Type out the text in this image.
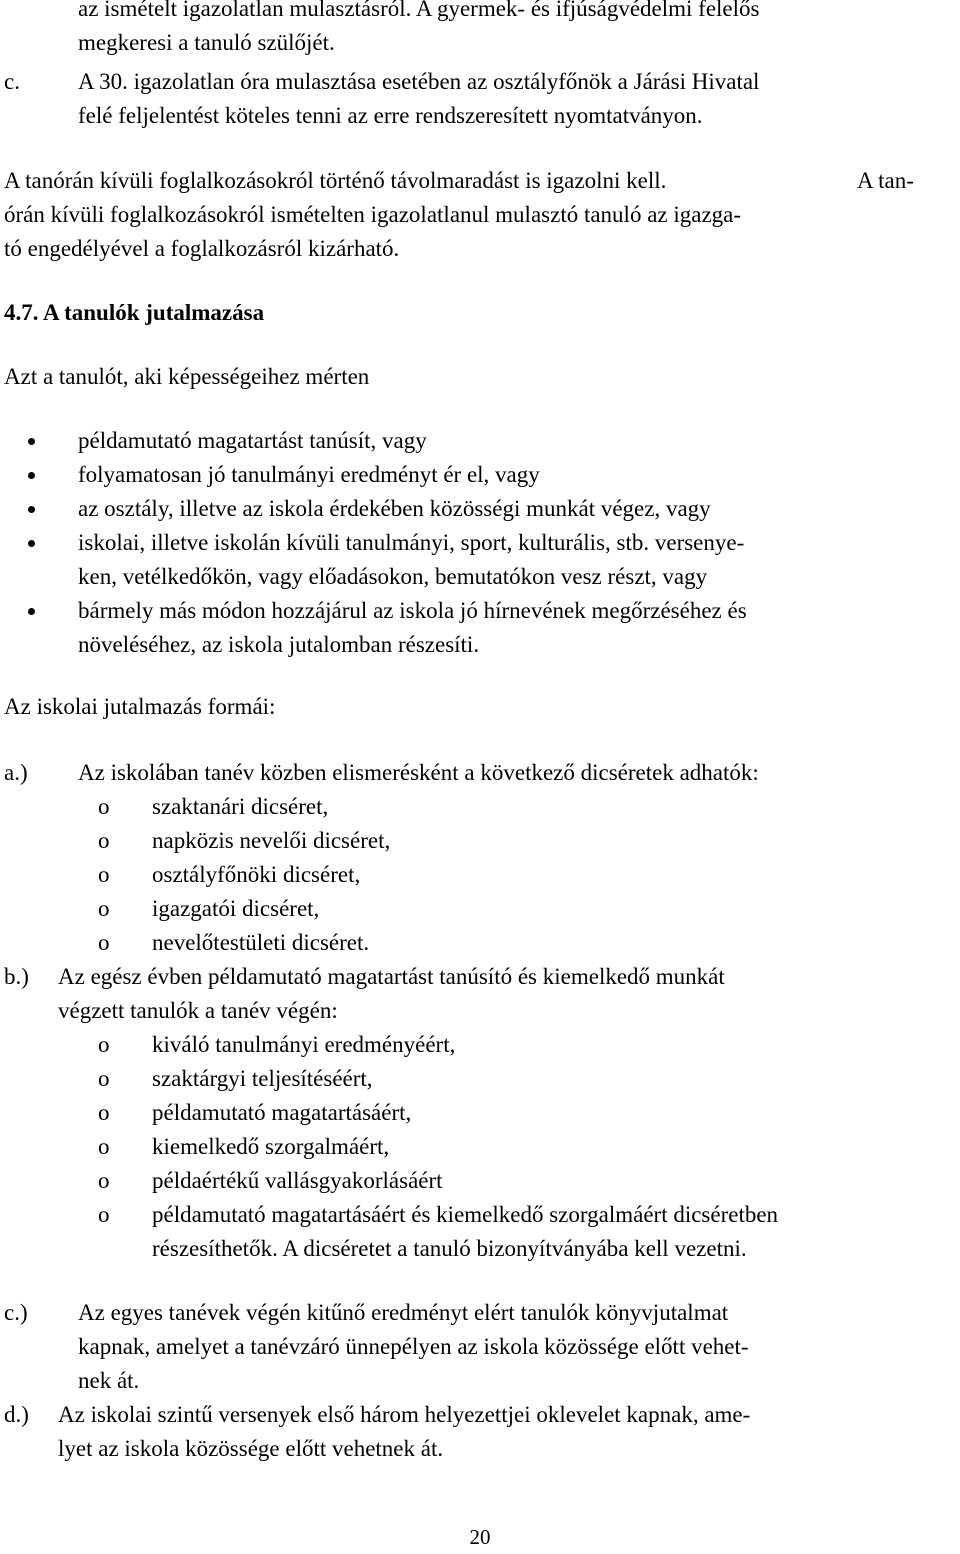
az ismételt igazolatlan mulasztásról. A gyermek- és ifjúságvédelmi felelős
megkeresi a tanuló szülőjét.
c.	A 30. igazolatlan óra mulasztása esetében az osztályfőnök a Járási Hivatal
felé feljelentést köteles tenni az erre rendszeresített nyomtatványon.
A tanórán kívüli foglalkozásokról történő távolmaradást is igazolni kell.	A tan-
órán kívüli foglalkozásokról ismételten igazolatlanul mulasztó tanuló az igazga-
tó engedélyével a foglalkozásról kizárható.
4.7. A tanulók jutalmazása
Azt a tanulót, aki képességeihez mérten
példamutató magatartást tanúsít, vagy
folyamatosan jó tanulmányi eredményt ér el, vagy
az osztály, illetve az iskola érdekében közösségi munkát végez, vagy
iskolai, illetve iskolán kívüli tanulmányi, sport, kulturális, stb. versenye-
ken, vetélkedőkön, vagy előadásokon, bemutatókon vesz részt, vagy
bármely más módon hozzájárul az iskola jó hírnevének megőrzéséhez és
növeléséhez, az iskola jutalomban részesíti.
Az iskolai jutalmazás formái:
a.) Az iskolában tanév közben elismerésként a következő dicséretek adhatók:
o szaktanári dicséret,
o napközis nevelői dicséret,
o osztályfőnöki dicséret,
o igazgatói dicséret,
o nevelőtestületi dicséret.
b.) Az egész évben példamutató magatartást tanúsító és kiemelkedő munkát
végzett tanulók a tanév végén:
o kiváló tanulmányi eredményéért,
o szaktárgyi teljesítéséért,
o példamutató magatartásáért,
o kiemelkedő szorgalmáért,
o példaértékű vallásgyakorlásáért
o példamutató magatartásáért és kiemelkedő szorgalmáért dicséretben
részesíthetők. A dicséretet a tanuló bizonyítványába kell vezetni.
c.) Az egyes tanévek végén kitűnő eredményt elért tanulók könyvjutalmat
kapnak, amelyet a tanévzáró ünnepélyen az iskola közössége előtt vehet-
nek át.
d.) Az iskolai szintű versenyek első három helyezettjei oklevelet kapnak, ame-
lyet az iskola közössége előtt vehetnek át.
20
